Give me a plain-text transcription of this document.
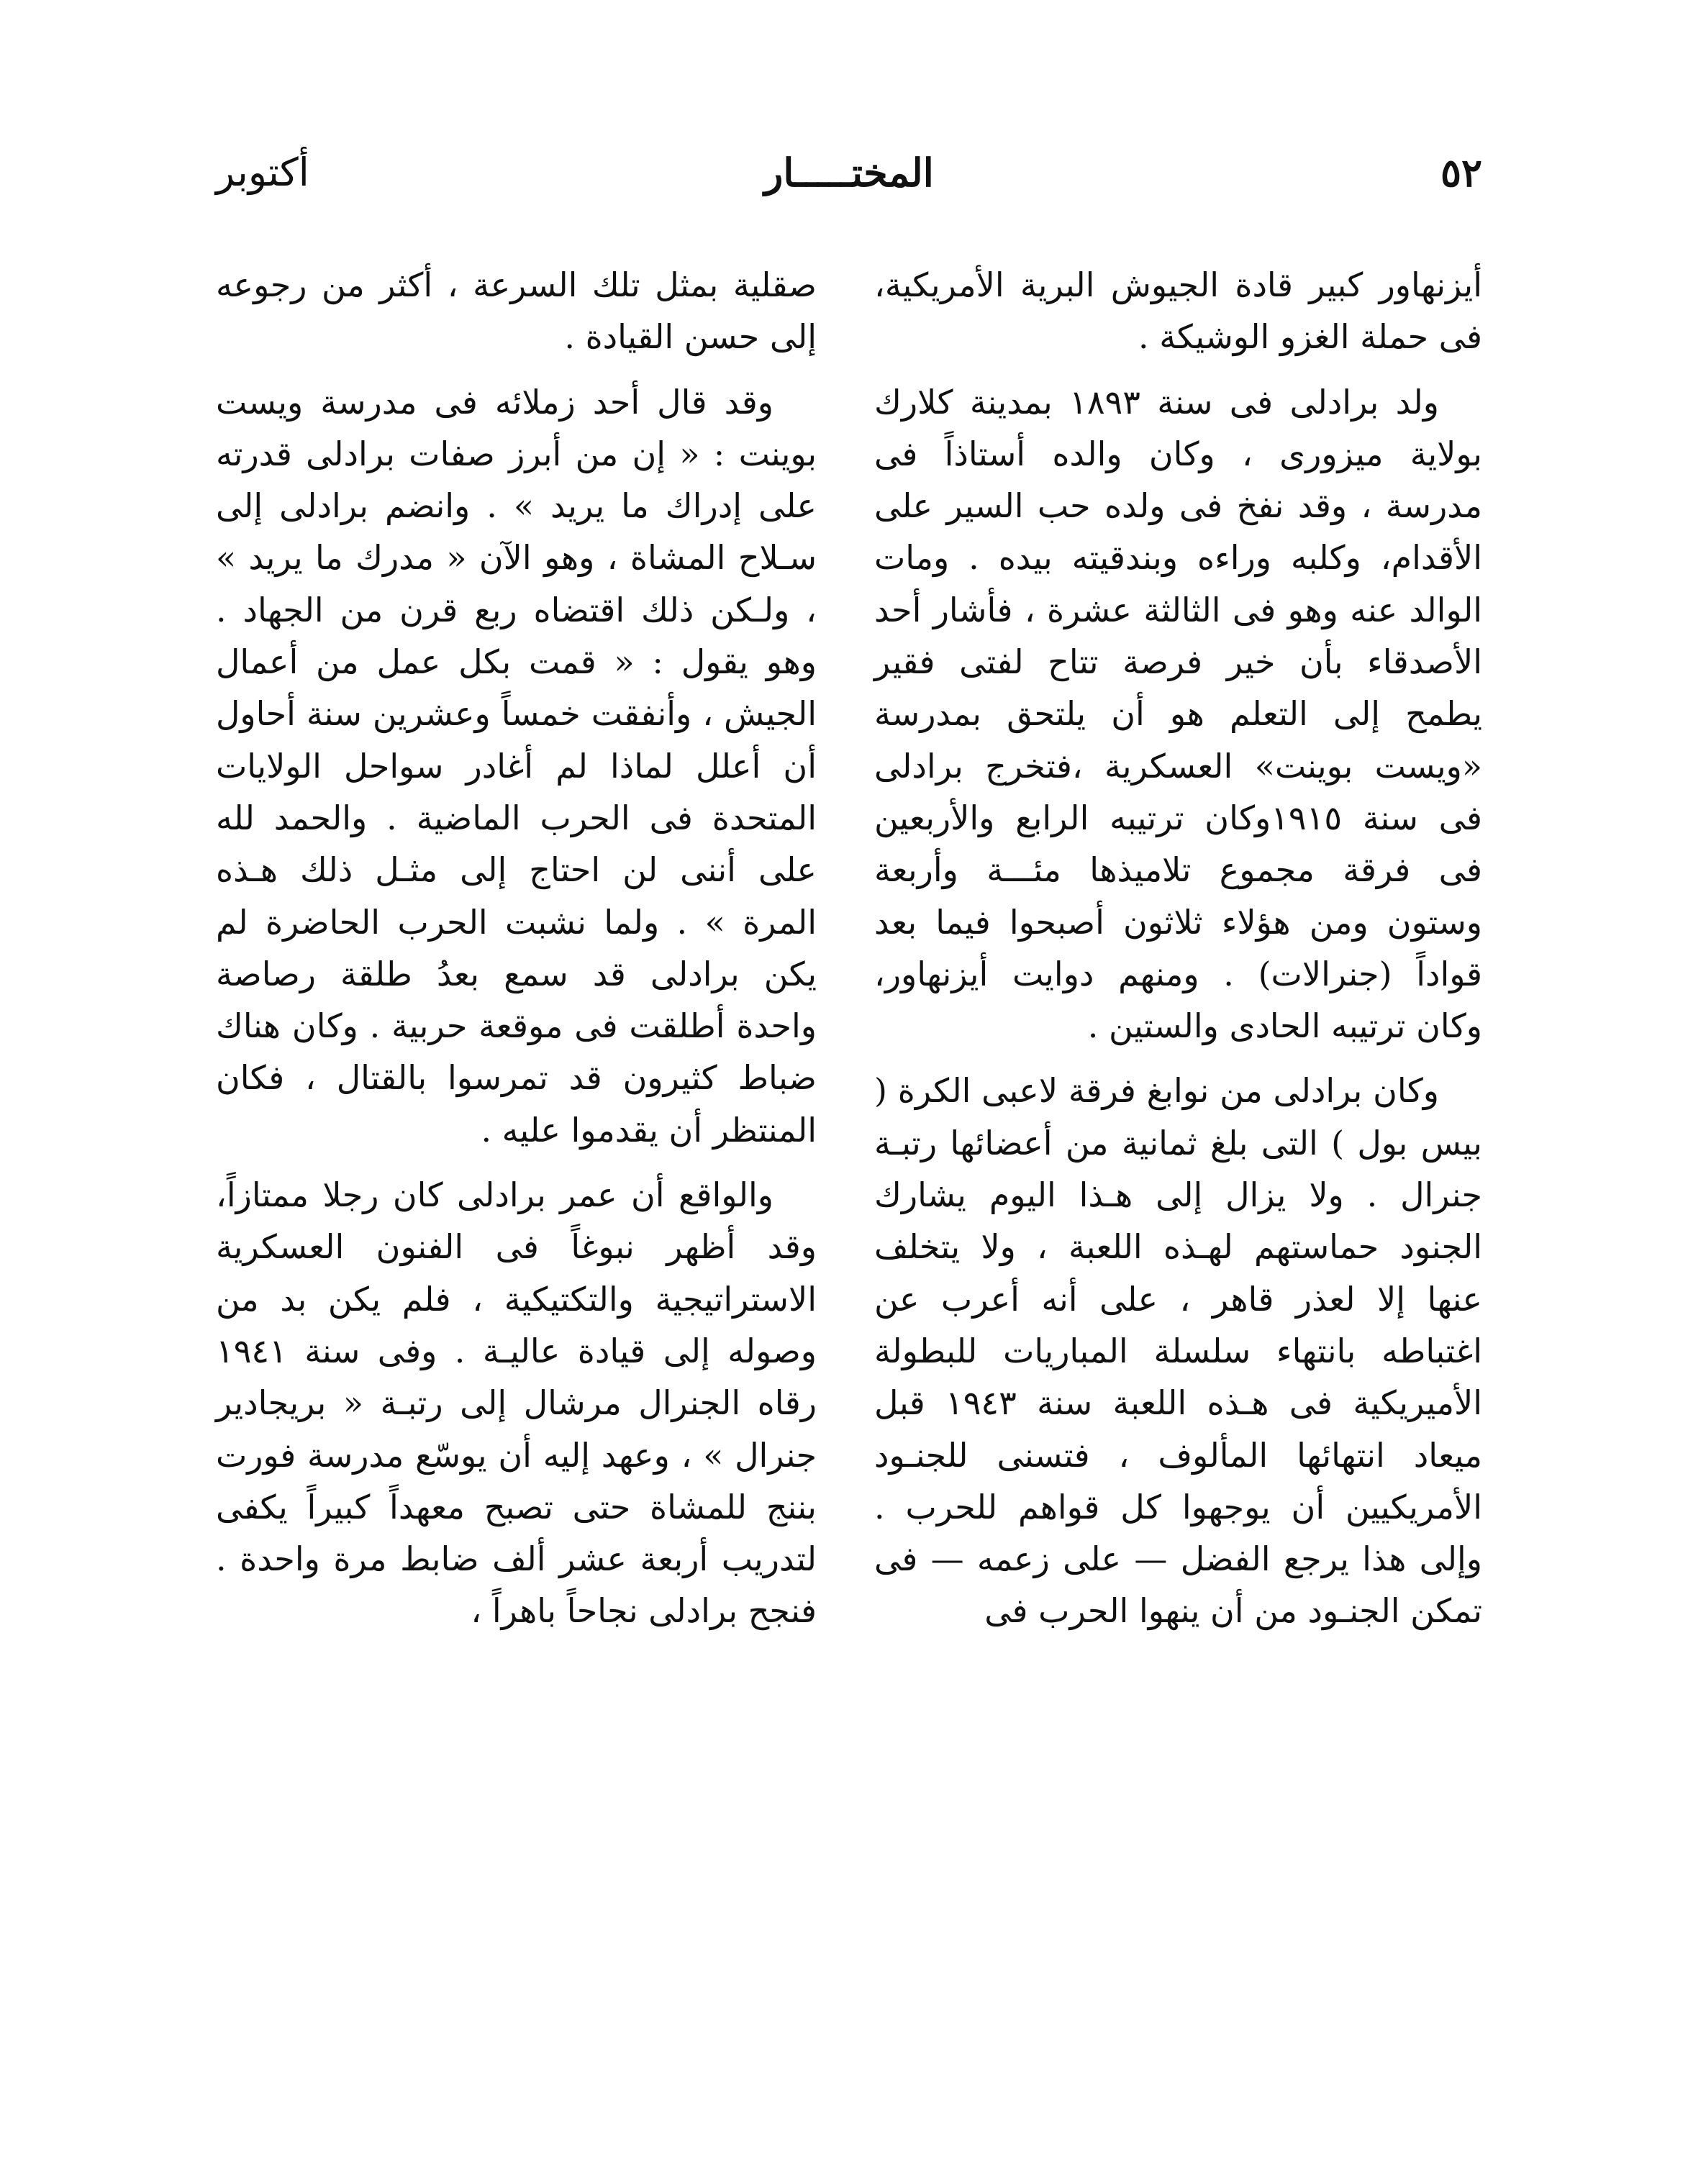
٥٢
المختـــــار
أكتوبر

أيزنهاور كبير قادة الجيوش البرية الأمريكية، فى حملة الغزو الوشيكة .

ولد برادلى فى سنة ١٨٩٣ بمدينة كلارك بولاية ميزورى ، وكان والده أستاذاً فى مدرسة ، وقد نفخ فى ولده حب السير على الأقدام، وكلبه وراءه وبندقيته بيده . ومات الوالد عنه وهو فى الثالثة عشرة ، فأشار أحد الأصدقاء بأن خير فرصة تتاح لفتى فقير يطمح إلى التعلم هو أن يلتحق بمدرسة «ويست بوينت» العسكرية ،فتخرج برادلى فى سنة ١٩١٥وكان ترتيبه الرابع والأربعين فى فرقة مجموع تلاميذها مئـــة وأربعة وستون ومن هؤلاء ثلاثون أصبحوا فيما بعد قواداً (جنرالات) . ومنهم دوايت أيزنهاور، وكان ترتيبه الحادى والستين .

وكان برادلى من نوابغ فرقة لاعبى الكرة ( بيس بول ) التى بلغ ثمانية من أعضائها رتبـة جنرال . ولا يزال إلى هـذا اليوم يشارك الجنود حماستهم لهـذه اللعبة ، ولا يتخلف عنها إلا لعذر قاهر ، على أنه أعرب عن اغتباطه بانتهاء سلسلة المباريات للبطولة الأميريكية فى هـذه اللعبة سنة ١٩٤٣ قبل ميعاد انتهائها المألوف ، فتسنى للجنـود الأمريكيين أن يوجهوا كل قواهم للحرب . وإلى هذا يرجع الفضل — على زعمه — فى تمكن الجنـود من أن ينهوا الحرب فى

صقلية بمثل تلك السرعة ، أكثر من رجوعه إلى حسن القيادة .

وقد قال أحد زملائه فى مدرسة ويست بوينت : « إن من أبرز صفات برادلى قدرته على إدراك ما يريد » . وانضم برادلى إلى سـلاح المشاة ، وهو الآن « مدرك ما يريد » ، ولـكن ذلك اقتضاه ربع قرن من الجهاد . وهو يقول : « قمت بكل عمل من أعمال الجيش ، وأنفقت خمساً وعشرين سنة أحاول أن أعلل لماذا لم أغادر سواحل الولايات المتحدة فى الحرب الماضية . والحمد لله على أننى لن احتاج إلى مثـل ذلك هـذه المرة » . ولما نشبت الحرب الحاضرة لم يكن برادلى قد سمع بعدُ طلقة رصاصة واحدة أطلقت فى موقعة حربية . وكان هناك ضباط كثيرون قد تمرسوا بالقتال ، فكان المنتظر أن يقدموا عليه .

والواقع أن عمر برادلى كان رجلا ممتازاً، وقد أظهر نبوغاً فى الفنون العسكرية الاستراتيجية والتكتيكية ، فلم يكن بد من وصوله إلى قيادة عاليـة . وفى سنة ١٩٤١ رقاه الجنرال مرشال إلى رتبـة « بريجادير جنرال » ، وعهد إليه أن يوسّع مدرسة فورت بننج للمشاة حتى تصبح معهداً كبيراً يكفى لتدريب أربعة عشر ألف ضابط مرة واحدة . فنجح برادلى نجاحاً باهراً ،
